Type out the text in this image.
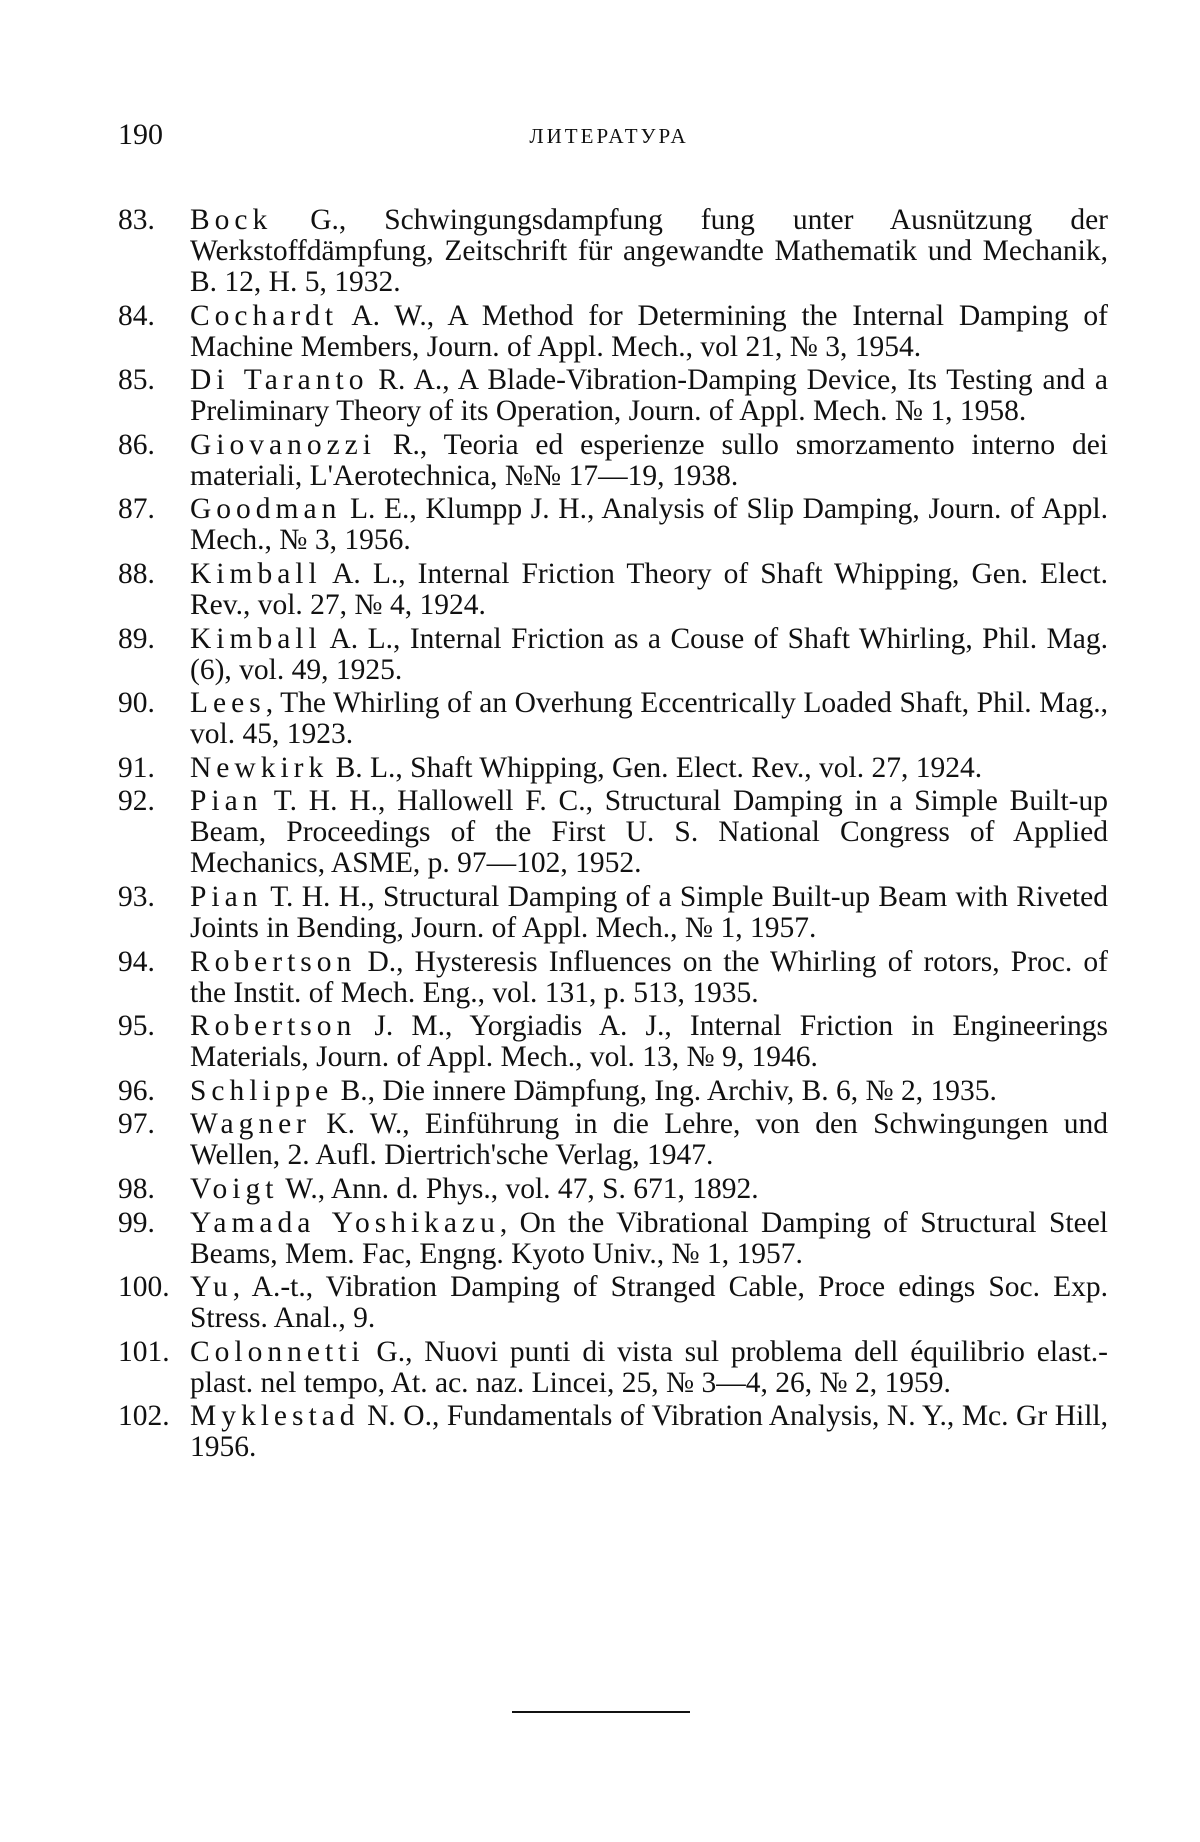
190	ЛИТЕРАТУРА
83.	Bock G., Schwingungsdampfung fung unter Ausnützung der Werkstoffdämpfung, Zeitschrift für angewandte Mathematik und Mechanik, B. 12, H. 5, 1932.
84.	Cochardt A. W., A Method for Determining the Internal Damping of Machine Members, Journ. of Appl. Mech., vol 21, № 3, 1954.
85.	Di Taranto R. A., A Blade-Vibration-Damping Device, Its Testing and a Preliminary Theory of its Operation, Journ. of Appl. Mech. № 1, 1958.
86.	Giovanozzi R., Teoria ed esperienze sullo smorzamento interno dei materiali, L'Aerotechnica, №№ 17—19, 1938.
87.	Goodman L. E., Klumpp J. H., Analysis of Slip Damping, Journ. of Appl. Mech., № 3, 1956.
88.	Kimball A. L., Internal Friction Theory of Shaft Whipping, Gen. Elect. Rev., vol. 27, № 4, 1924.
89.	Kimball A. L., Internal Friction as a Couse of Shaft Whirling, Phil. Mag. (6), vol. 49, 1925.
90.	Lees, The Whirling of an Overhung Eccentrically Loaded Shaft, Phil. Mag., vol. 45, 1923.
91.	Newkirk B. L., Shaft Whipping, Gen. Elect. Rev., vol. 27, 1924.
92.	Pian T. H. H., Hallowell F. C., Structural Damping in a Simple Built-up Beam, Proceedings of the First U. S. National Congress of Applied Mechanics, ASME, p. 97—102, 1952.
93.	Pian T. H. H., Structural Damping of a Simple Built-up Beam with Riveted Joints in Bending, Journ. of Appl. Mech., № 1, 1957.
94.	Robertson D., Hysteresis Influences on the Whirling of rotors, Proc. of the Instit. of Mech. Eng., vol. 131, p. 513, 1935.
95.	Robertson J. M., Yorgiadis A. J., Internal Friction in Engineerings Materials, Journ. of Appl. Mech., vol. 13, № 9, 1946.
96.	Schlippe B., Die innere Dämpfung, Ing. Archiv, B. 6, № 2, 1935.
97.	Wagner K. W., Einführung in die Lehre, von den Schwingungen und Wellen, 2. Aufl. Diertrich'sche Verlag, 1947.
98.	Voigt W., Ann. d. Phys., vol. 47, S. 671, 1892.
99.	Yamada Yoshikazu, On the Vibrational Damping of Structural Steel Beams, Mem. Fac, Engng. Kyoto Univ., № 1, 1957.
100. Yu, A.-t., Vibration Damping of Stranged Cable, Proce edings Soc. Exp. Stress. Anal., 9.
101. Colonnetti G., Nuovi punti di vista sul problema dell équilibrio elast.-plast. nel tempo, At. ac. naz. Lincei, 25, № 3—4, 26, № 2, 1959.
102. Myklestad N. O., Fundamentals of Vibration Analysis, N. Y., Mc. Gr Hill, 1956.
